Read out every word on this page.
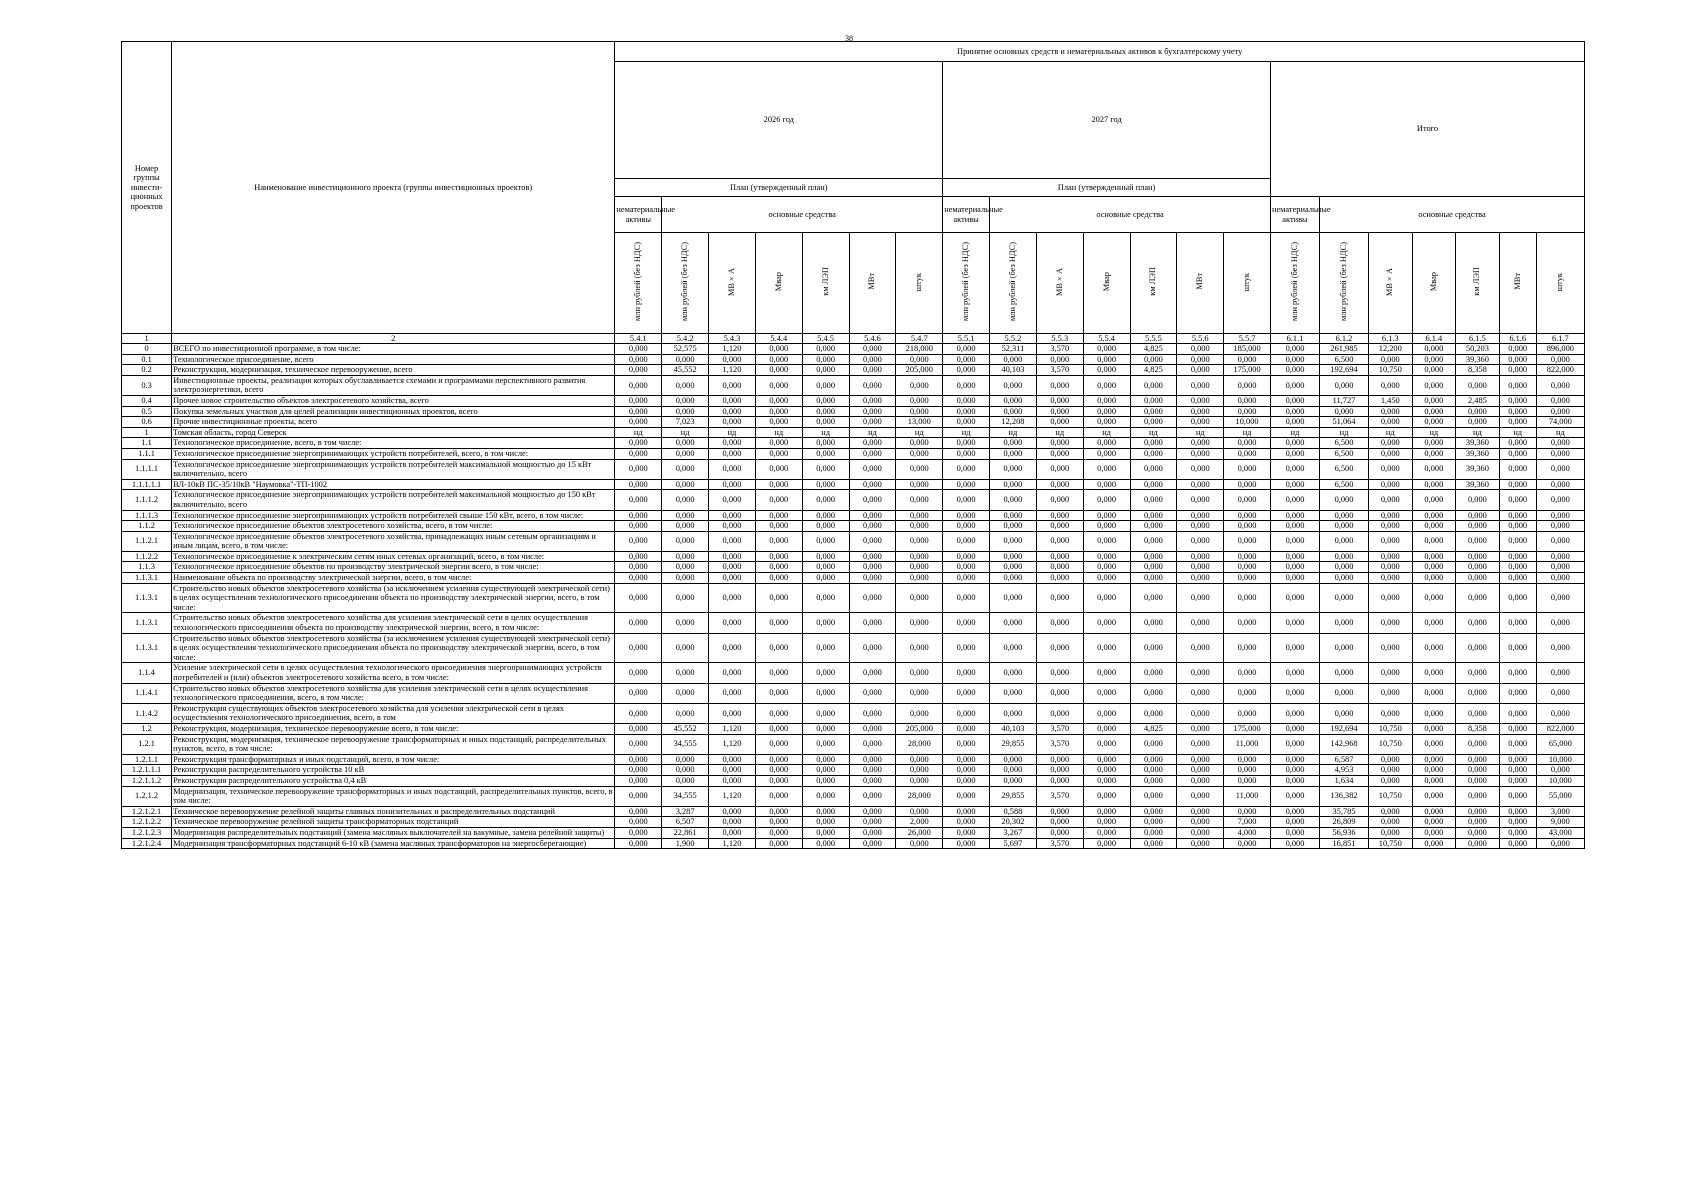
38
Номер группы инвести-ционных проектов	Наименование инвестиционного проекта (группы инвестиционных проектов)	Принятие основных средств и нематериальных активов к бухгалтерскому учету																				
		2026 год							2027 год							Итого						
		План (утвержденный план)							План (утвержденный план)													
		нематериальные активы	основные средства						нематериальные активы	основные средства						нематериальные активы	основные средства					
		млн рублей (без НДС)	млн рублей (без НДС)	МВ×А	Мвар	км ЛЭП	МВт	штук	млн рублей (без НДС)	млн рублей (без НДС)	МВ×А	Мвар	км ЛЭП	МВт	штук	млн рублей (без НДС)	млн рублей (без НДС)	МВ×А	Мвар	км ЛЭП	МВт	штук
1	2	5.4.1	5.4.2	5.4.3	5.4.4	5.4.5	5.4.6	5.4.7	5.5.1	5.5.2	5.5.3	5.5.4	5.5.5	5.5.6	5.5.7	6.1.1	6.1.2	6.1.3	6.1.4	6.1.5	6.1.6	6.1.7
0	ВСЕГО по инвестиционной программе, в том числе:	0,000	52,575	1,120	0,000	0,000	0,000	218,000	0,000	52,311	3,570	0,000	4,825	0,000	185,000	0,000	261,985	12,200	0,000	50,203	0,000	896,000
0.1	Технологическое присоединение, всего	0,000	0,000	0,000	0,000	0,000	0,000	0,000	0,000	0,000	0,000	0,000	0,000	0,000	0,000	0,000	6,500	0,000	0,000	39,360	0,000	0,000
0.2	Реконструкция, модернизация, техническое перевооружение, всего	0,000	45,552	1,120	0,000	0,000	0,000	205,000	0,000	40,103	3,570	0,000	4,825	0,000	175,000	0,000	192,694	10,750	0,000	8,358	0,000	822,000
0.3	Инвестиционные проекты, реализация которых обуславливается схемами и программами перспективного развития электроэнергетики, всего	0,000	0,000	0,000	0,000	0,000	0,000	0,000	0,000	0,000	0,000	0,000	0,000	0,000	0,000	0,000	0,000	0,000	0,000	0,000	0,000	0,000
0.4	Прочее новое строительство объектов электросетевого хозяйства, всего	0,000	0,000	0,000	0,000	0,000	0,000	0,000	0,000	0,000	0,000	0,000	0,000	0,000	0,000	0,000	11,727	1,450	0,000	2,485	0,000	0,000
0.5	Покупка земельных участков для целей реализации инвестиционных проектов, всего	0,000	0,000	0,000	0,000	0,000	0,000	0,000	0,000	0,000	0,000	0,000	0,000	0,000	0,000	0,000	0,000	0,000	0,000	0,000	0,000	0,000
0.6	Прочие инвестиционные проекты, всего	0,000	7,023	0,000	0,000	0,000	0,000	13,000	0,000	12,208	0,000	0,000	0,000	0,000	10,000	0,000	51,064	0,000	0,000	0,000	0,000	74,000
1	Томская область, город Северск	нд	нд	нд	нд	нд	нд	нд	нд	нд	нд	нд	нд	нд	нд	нд	нд	нд	нд	нд	нд	нд
1.1	Технологическое присоединение, всего, в том числе:	0,000	0,000	0,000	0,000	0,000	0,000	0,000	0,000	0,000	0,000	0,000	0,000	0,000	0,000	0,000	6,500	0,000	0,000	39,360	0,000	0,000
1.1.1	Технологическое присоединение энергопринимающих устройств потребителей, всего, в том числе:	0,000	0,000	0,000	0,000	0,000	0,000	0,000	0,000	0,000	0,000	0,000	0,000	0,000	0,000	0,000	6,500	0,000	0,000	39,360	0,000	0,000
1.1.1.1	Технологическое присоединение энергопринимающих устройств потребителей максимальной мощностью до 15 кВт включительно, всего	0,000	0,000	0,000	0,000	0,000	0,000	0,000	0,000	0,000	0,000	0,000	0,000	0,000	0,000	0,000	6,500	0,000	0,000	39,360	0,000	0,000
1.1.1.1.1	ВЛ-10кВ ПС-35/10кВ "Наумовка"-ТП-1002	0,000	0,000	0,000	0,000	0,000	0,000	0,000	0,000	0,000	0,000	0,000	0,000	0,000	0,000	0,000	6,500	0,000	0,000	39,360	0,000	0,000
1.1.1.2	Технологическое присоединение энергопринимающих устройств потребителей максимальной мощностью до 150 кВт включительно, всего	0,000	0,000	0,000	0,000	0,000	0,000	0,000	0,000	0,000	0,000	0,000	0,000	0,000	0,000	0,000	0,000	0,000	0,000	0,000	0,000	0,000
1.1.1.3	Технологическое присоединение энергопринимающих устройств потребителей свыше 150 кВт, всего, в том числе:	0,000	0,000	0,000	0,000	0,000	0,000	0,000	0,000	0,000	0,000	0,000	0,000	0,000	0,000	0,000	0,000	0,000	0,000	0,000	0,000	0,000
1.1.2	Технологическое присоединение объектов электросетевого хозяйства, всего, в том числе:	0,000	0,000	0,000	0,000	0,000	0,000	0,000	0,000	0,000	0,000	0,000	0,000	0,000	0,000	0,000	0,000	0,000	0,000	0,000	0,000	0,000
1.1.2.1	Технологическое присоединение объектов электросетевого хозяйства, принадлежащих иным сетевым организациям и иным лицам, всего, в том числе:	0,000	0,000	0,000	0,000	0,000	0,000	0,000	0,000	0,000	0,000	0,000	0,000	0,000	0,000	0,000	0,000	0,000	0,000	0,000	0,000	0,000
1.1.2.2	Технологическое присоединение к электрическим сетям иных сетевых организаций, всего, в том числе:	0,000	0,000	0,000	0,000	0,000	0,000	0,000	0,000	0,000	0,000	0,000	0,000	0,000	0,000	0,000	0,000	0,000	0,000	0,000	0,000	0,000
1.1.3	Технологическое присоединение объектов по производству электрической энергии всего, в том числе:	0,000	0,000	0,000	0,000	0,000	0,000	0,000	0,000	0,000	0,000	0,000	0,000	0,000	0,000	0,000	0,000	0,000	0,000	0,000	0,000	0,000
1.1.3.1	Наименование объекта по производству электрической энергии, всего, в том числе:	0,000	0,000	0,000	0,000	0,000	0,000	0,000	0,000	0,000	0,000	0,000	0,000	0,000	0,000	0,000	0,000	0,000	0,000	0,000	0,000	0,000
1.1.3.1	Строительство новых объектов электросетевого хозяйства (за исключением усиления существующей электрической сети) в целях осуществления технологического присоединения объекта по производству электрической энергии, всего, в том числе:	0,000	0,000	0,000	0,000	0,000	0,000	0,000	0,000	0,000	0,000	0,000	0,000	0,000	0,000	0,000	0,000	0,000	0,000	0,000	0,000	0,000
1.1.3.1	Строительство новых объектов электросетевого хозяйства для усиления электрической сети в целях осуществления технологического присоединения объекта по производству электрической энергии, всего, в том числе:	0,000	0,000	0,000	0,000	0,000	0,000	0,000	0,000	0,000	0,000	0,000	0,000	0,000	0,000	0,000	0,000	0,000	0,000	0,000	0,000	0,000
1.1.3.1	Строительство новых объектов электросетевого хозяйства (за исключением усиления существующей электрической сети) в целях осуществления технологического присоединения объекта по производству электрической энергии, всего, в том числе:	0,000	0,000	0,000	0,000	0,000	0,000	0,000	0,000	0,000	0,000	0,000	0,000	0,000	0,000	0,000	0,000	0,000	0,000	0,000	0,000	0,000
1.1.4	Усиление электрической сети в целях осуществления технологического присоединения энергопринимающих устройств потребителей и (или) объектов электросетевого хозяйства всего, в том числе:	0,000	0,000	0,000	0,000	0,000	0,000	0,000	0,000	0,000	0,000	0,000	0,000	0,000	0,000	0,000	0,000	0,000	0,000	0,000	0,000	0,000
1.1.4.1	Строительство новых объектов электросетевого хозяйства для усиления электрической сети в целях осуществления технологического присоединения, всего, в том числе:	0,000	0,000	0,000	0,000	0,000	0,000	0,000	0,000	0,000	0,000	0,000	0,000	0,000	0,000	0,000	0,000	0,000	0,000	0,000	0,000	0,000
1.1.4.2	Реконструкция существующих объектов электросетевого хозяйства для усиления электрической сети в целях осуществления технологического присоединения, всего, в том	0,000	0,000	0,000	0,000	0,000	0,000	0,000	0,000	0,000	0,000	0,000	0,000	0,000	0,000	0,000	0,000	0,000	0,000	0,000	0,000	0,000
1.2	Реконструкция, модернизация, техническое перевооружение всего, в том числе:	0,000	45,552	1,120	0,000	0,000	0,000	205,000	0,000	40,103	3,570	0,000	4,825	0,000	175,000	0,000	192,694	10,750	0,000	8,358	0,000	822,000
1.2.1	Реконструкция, модернизация, техническое перевооружение трансформаторных и иных подстанций, распределительных пунктов, всего, в том числе:	0,000	34,555	1,120	0,000	0,000	0,000	28,000	0,000	29,855	3,570	0,000	0,000	0,000	11,000	0,000	142,968	10,750	0,000	0,000	0,000	65,000
1.2.1.1	Реконструкция трансформаторных и иных подстанций, всего, в том числе:	0,000	0,000	0,000	0,000	0,000	0,000	0,000	0,000	0,000	0,000	0,000	0,000	0,000	0,000	0,000	6,587	0,000	0,000	0,000	0,000	10,000
1.2.1.1.1	Реконструкция распределительного устройства 10 кВ	0,000	0,000	0,000	0,000	0,000	0,000	0,000	0,000	0,000	0,000	0,000	0,000	0,000	0,000	0,000	4,953	0,000	0,000	0,000	0,000	0,000
1.2.1.1.2	Реконструкция распределительного устройства 0,4 кВ	0,000	0,000	0,000	0,000	0,000	0,000	0,000	0,000	0,000	0,000	0,000	0,000	0,000	0,000	0,000	1,634	0,000	0,000	0,000	0,000	10,000
1.2.1.2	Модернизация, техническое перевооружение трансформаторных и иных подстанций, распределительных пунктов, всего, в том числе:	0,000	34,555	1,120	0,000	0,000	0,000	28,000	0,000	29,855	3,570	0,000	0,000	0,000	11,000	0,000	136,382	10,750	0,000	0,000	0,000	55,000
1.2.1.2.1	Техническое перевооружение релейной защиты главных понизительных и распределительных подстанций	0,000	3,287	0,000	0,000	0,000	0,000	0,000	0,000	0,588	0,000	0,000	0,000	0,000	0,000	0,000	35,785	0,000	0,000	0,000	0,000	3,000
1.2.1.2.2	Техническое перевооружение релейной защиты трансформаторных подстанций	0,000	6,507	0,000	0,000	0,000	0,000	2,000	0,000	20,302	0,000	0,000	0,000	0,000	7,000	0,000	26,809	0,000	0,000	0,000	0,000	9,000
1.2.1.2.3	Модернизация распределительных подстанций (замена масляных выключателей на вакумные, замена релейной защиты)	0,000	22,861	0,000	0,000	0,000	0,000	26,000	0,000	3,267	0,000	0,000	0,000	0,000	4,000	0,000	56,936	0,000	0,000	0,000	0,000	43,000
1.2.1.2.4	Модернизация трансформаторных подстанций 6-10 кВ (замена масляных трансформаторов на энергосберегающие)	0,000	1,900	1,120	0,000	0,000	0,000	0,000	0,000	5,697	3,570	0,000	0,000	0,000	0,000	0,000	16,851	10,750	0,000	0,000	0,000	0,000
